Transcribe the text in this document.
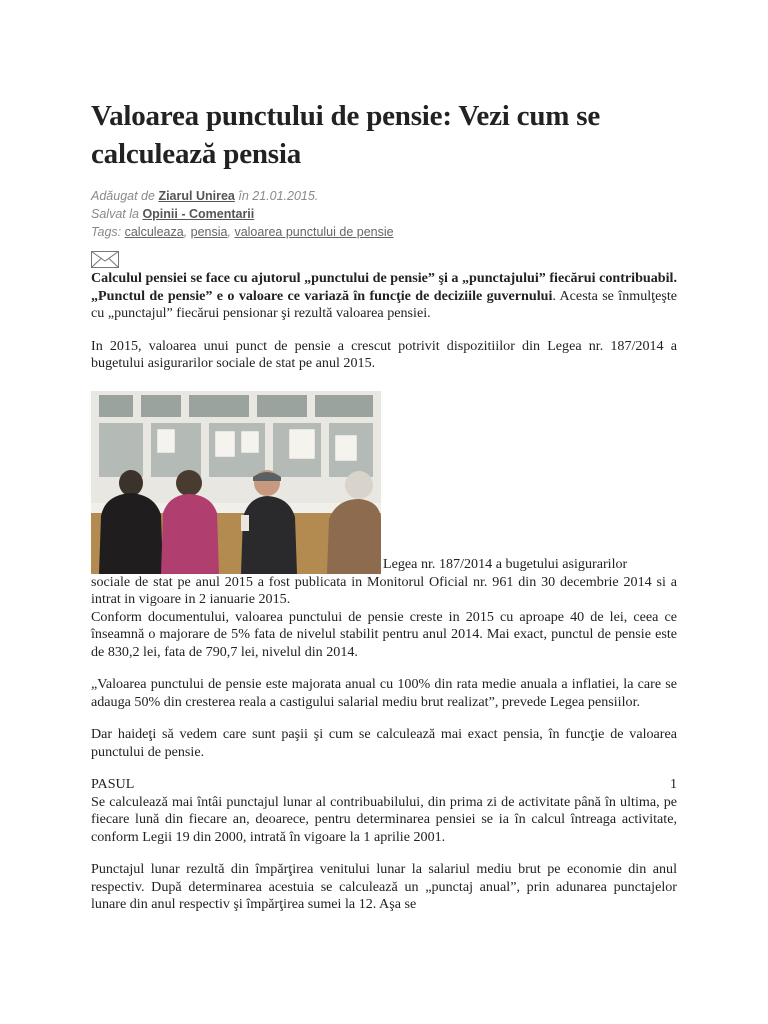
Valoarea punctului de pensie: Vezi cum se calculează pensia
Adăugat de Ziarul Unirea în 21.01.2015.
Salvat la Opinii - Comentarii
Tags: calculeaza, pensia, valoarea punctului de pensie

Calculul pensiei se face cu ajutorul „punctului de pensie” şi a „punctajului” fiecărui contribuabil. „Punctul de pensie” e o valoare ce variază în funcţie de deciziile guvernului. Acesta se înmulţeşte cu „punctajul” fiecărui pensionar şi rezultă valoarea pensiei.

In 2015, valoarea unui punct de pensie a crescut potrivit dispozitiilor din Legea nr. 187/2014 a bugetului asigurarilor sociale de stat pe anul 2015.

Legea nr. 187/2014 a bugetului asigurarilor

sociale de stat pe anul 2015 a fost publicata in Monitorul Oficial nr. 961 din 30 decembrie 2014 si a intrat in vigoare in 2 ianuarie 2015.

Conform documentului, valoarea punctului de pensie creste in 2015 cu aproape 40 de lei, ceea ce înseamnă o majorare de 5% fata de nivelul stabilit pentru anul 2014. Mai exact, punctul de pensie este de 830,2 lei, fata de 790,7 lei, nivelul din 2014.

„Valoarea punctului de pensie este majorata anual cu 100% din rata medie anuala a inflatiei, la care se adauga 50% din cresterea reala a castigului salarial mediu brut realizat”, prevede Legea pensiilor.

Dar haideţi să vedem care sunt paşii şi cum se calculează mai exact pensia, în funcţie de valoarea punctului de pensie.

PASUL	1

Se calculează mai întâi punctajul lunar al contribuabilului, din prima zi de activitate până în ultima, pe fiecare lună din fiecare an, deoarece, pentru determinarea pensiei se ia în calcul întreaga activitate, conform Legii 19 din 2000, intrată în vigoare la 1 aprilie 2001.

Punctajul lunar rezultă din împărţirea venitului lunar la salariul mediu brut pe economie din anul respectiv. După determinarea acestuia se calculează un „punctaj anual”, prin adunarea punctajelor lunare din anul respectiv şi împărţirea sumei la 12. Aşa se
